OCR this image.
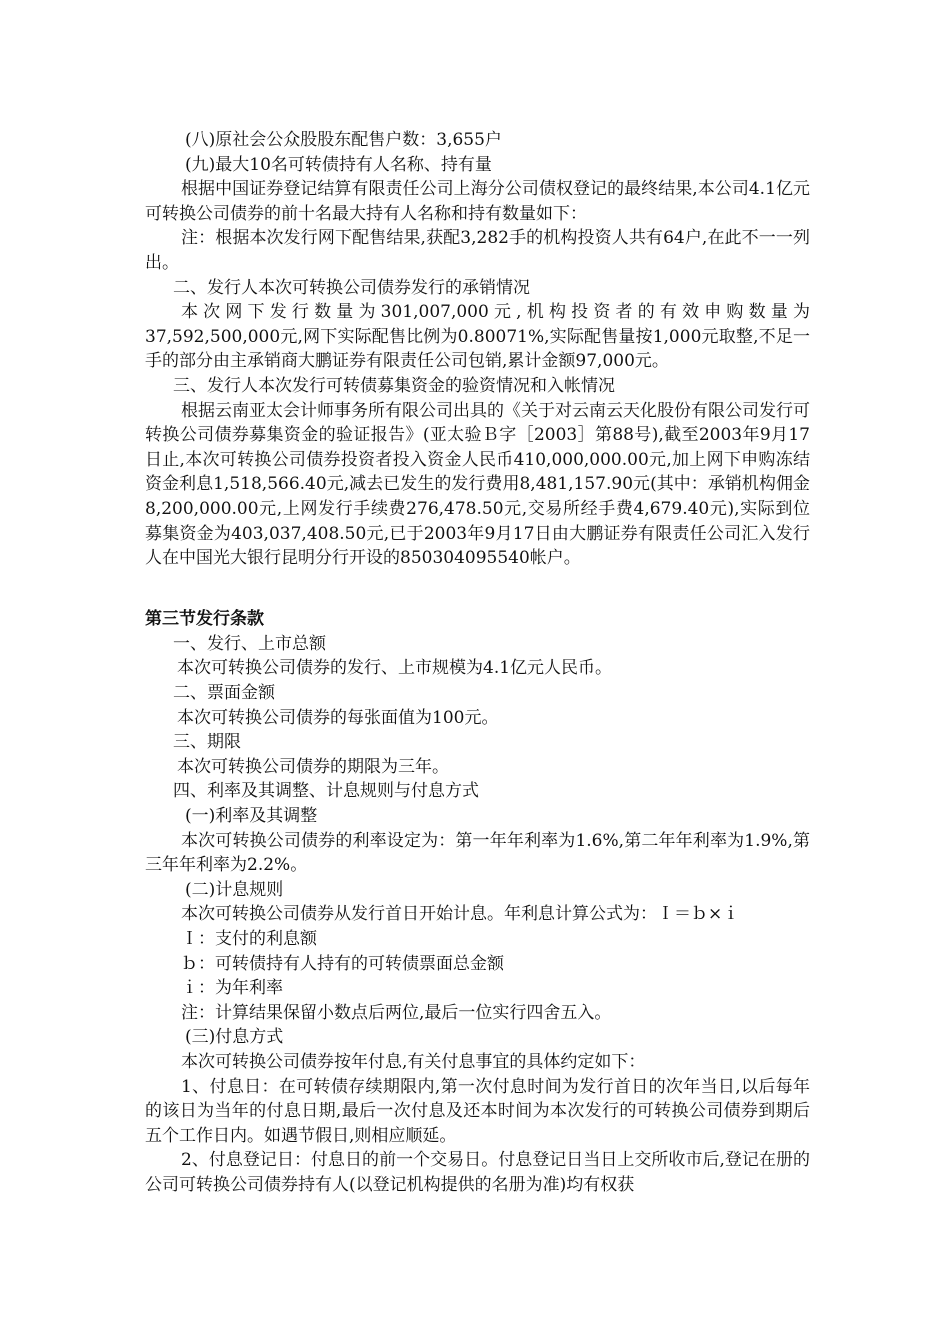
(八)原社会公众股股东配售户数：3,655户

(九)最大10名可转债持有人名称、持有量

根据中国证券登记结算有限责任公司上海分公司债权登记的最终结果,本公司4.1亿元可转换公司债券的前十名最大持有人名称和持有数量如下：

注：根据本次发行网下配售结果,获配3,282手的机构投资人共有64户,在此不一一列出。

二、发行人本次可转换公司债券发行的承销情况

本次网下发行数量为301,007,000元,机构投资者的有效申购数量为37,592,500,000元,网下实际配售比例为0.80071%,实际配售量按1,000元取整,不足一手的部分由主承销商大鹏证券有限责任公司包销,累计金额97,000元。

三、发行人本次发行可转债募集资金的验资情况和入帐情况

根据云南亚太会计师事务所有限公司出具的《关于对云南云天化股份有限公司发行可转换公司债券募集资金的验证报告》(亚太验Ｂ字［2003］第88号),截至2003年9月17日止,本次可转换公司债券投资者投入资金人民币410,000,000.00元,加上网下申购冻结资金利息1,518,566.40元,减去已发生的发行费用8,481,157.90元(其中：承销机构佣金8,200,000.00元,上网发行手续费276,478.50元,交易所经手费4,679.40元),实际到位募集资金为403,037,408.50元,已于2003年9月17日由大鹏证券有限责任公司汇入发行人在中国光大银行昆明分行开设的850304095540帐户。

第三节发行条款

一、发行、上市总额

本次可转换公司债券的发行、上市规模为4.1亿元人民币。

二、票面金额

本次可转换公司债券的每张面值为100元。

三、期限

本次可转换公司债券的期限为三年。

四、利率及其调整、计息规则与付息方式

(一)利率及其调整

本次可转换公司债券的利率设定为：第一年年利率为1.6%,第二年年利率为1.9%,第三年年利率为2.2%。

(二)计息规则

本次可转换公司债券从发行首日开始计息。年利息计算公式为：Ｉ＝ｂ×ｉ

Ｉ：支付的利息额

ｂ：可转债持有人持有的可转债票面总金额

ｉ：为年利率

注：计算结果保留小数点后两位,最后一位实行四舍五入。

(三)付息方式

本次可转换公司债券按年付息,有关付息事宜的具体约定如下：

1、付息日：在可转债存续期限内,第一次付息时间为发行首日的次年当日,以后每年的该日为当年的付息日期,最后一次付息及还本时间为本次发行的可转换公司债券到期后五个工作日内。如遇节假日,则相应顺延。

2、付息登记日：付息日的前一个交易日。付息登记日当日上交所收市后,登记在册的公司可转换公司债券持有人(以登记机构提供的名册为准)均有权获
